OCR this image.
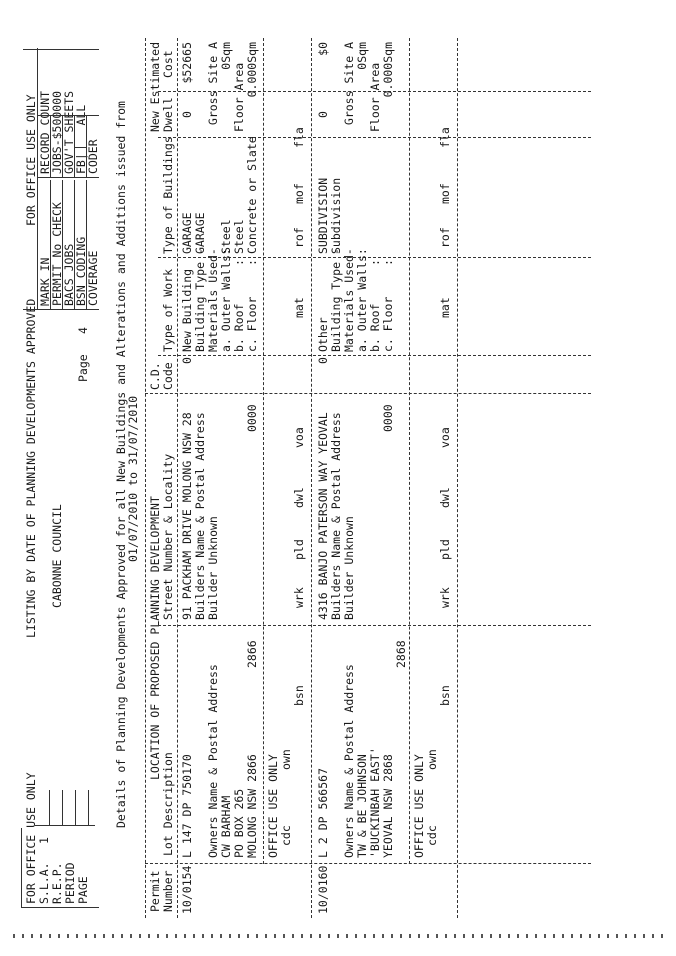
FOR OFFICE USE ONLY S.L.A.
1
R.E.P. PERIOD PAGE
LISTING BY DATE OF PLANNING DEVELOPMENTS APPROVED CABONNE COUNCIL
Page
4
FOR OFFICE USE ONLY
MARK IN
PERMIT No CHECK
BACS JOBS
BSN CODING
COVERAGE
RECORD COUNT
JOBS-$500000
GOV'T SHEETS
FB|    ALL
CODER Details of Planning Developments Approved for all New Buildings and Alterations and Additions issued from
01/07/2010 to 31/07/2010
Permit Number
LOCATION OF PROPOSED PLANNING DEVELOPMENT
Lot Description
Street Number & Locality
C.D. Code
Type of Work
Type of Buildings
New Estimated Dwell
Cost
10/0154
L 147 DP 750170
91 PACKHAM DRIVE MOLONG NSW 28
Owners Name & Postal Address CW BARHAM PO BOX 265 MOLONG NSW 2866
2866
Builders Name & Postal Address Builder Unknown
0000
0
New Building Building Type - Materials Used- a. Outer Walls: b. Roof c. Floor
: :
GARAGE GARAGE Steel Steel Concrete or Slate
0
$52665 Gross Site A 0Sqm
Floor Area 0.000Sqm
OFFICE USE ONLY cdc
own
bsn
wrk
pld
dwl
voa
mat
rof
mof
fla
10/0160
L 2 DP 566567
4316 BANJO PATERSON WAY YEOVAL
Owners Name & Postal Address TW & BE JOHNSON 'BUCKINBAH EAST' YEOVAL NSW 2868
2868
Builders Name & Postal Address Builder Unknown
0000
0
Other Building Type - Materials Used- a. Outer Walls: b. Roof c. Floor
: :
SUBDIVISION Subdivision
0
$0 Gross Site A 0Sqm
Floor Area 0.000Sqm
OFFICE USE ONLY cdc
own
bsn
wrk
pld
dwl
voa
mat
rof
mof
fla
